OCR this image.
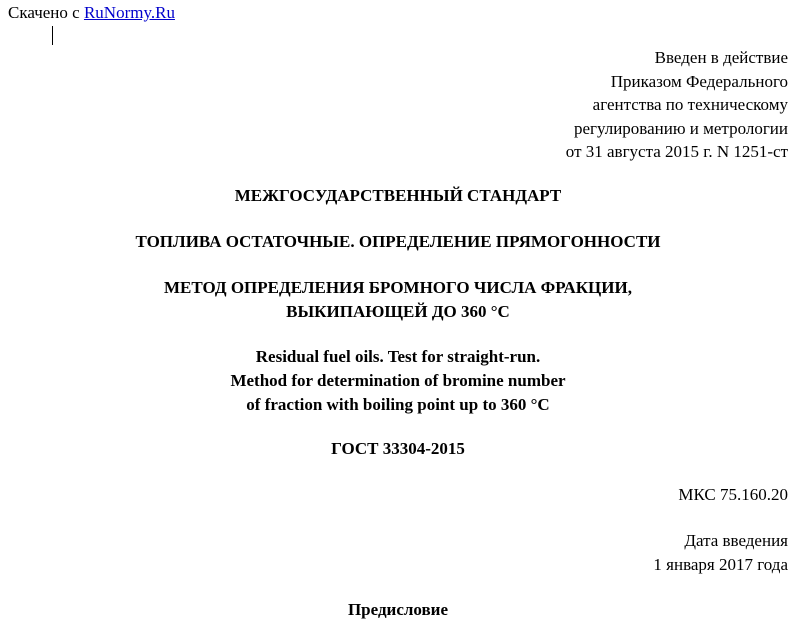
Скачено с RuNormy.Ru
Введен в действие
Приказом Федерального
агентства по техническому
регулированию и метрологии
от 31 августа 2015 г. N 1251-ст
МЕЖГОСУДАРСТВЕННЫЙ СТАНДАРТ
ТОПЛИВА ОСТАТОЧНЫЕ. ОПРЕДЕЛЕНИЕ ПРЯМОГОННОСТИ
МЕТОД ОПРЕДЕЛЕНИЯ БРОМНОГО ЧИСЛА ФРАКЦИИ,
ВЫКИПАЮЩЕЙ ДО 360 °С
Residual fuel oils. Test for straight-run.
Method for determination of bromine number
of fraction with boiling point up to 360 °C
ГОСТ 33304-2015
МКС 75.160.20
Дата введения
1 января 2017 года
Предисловие
